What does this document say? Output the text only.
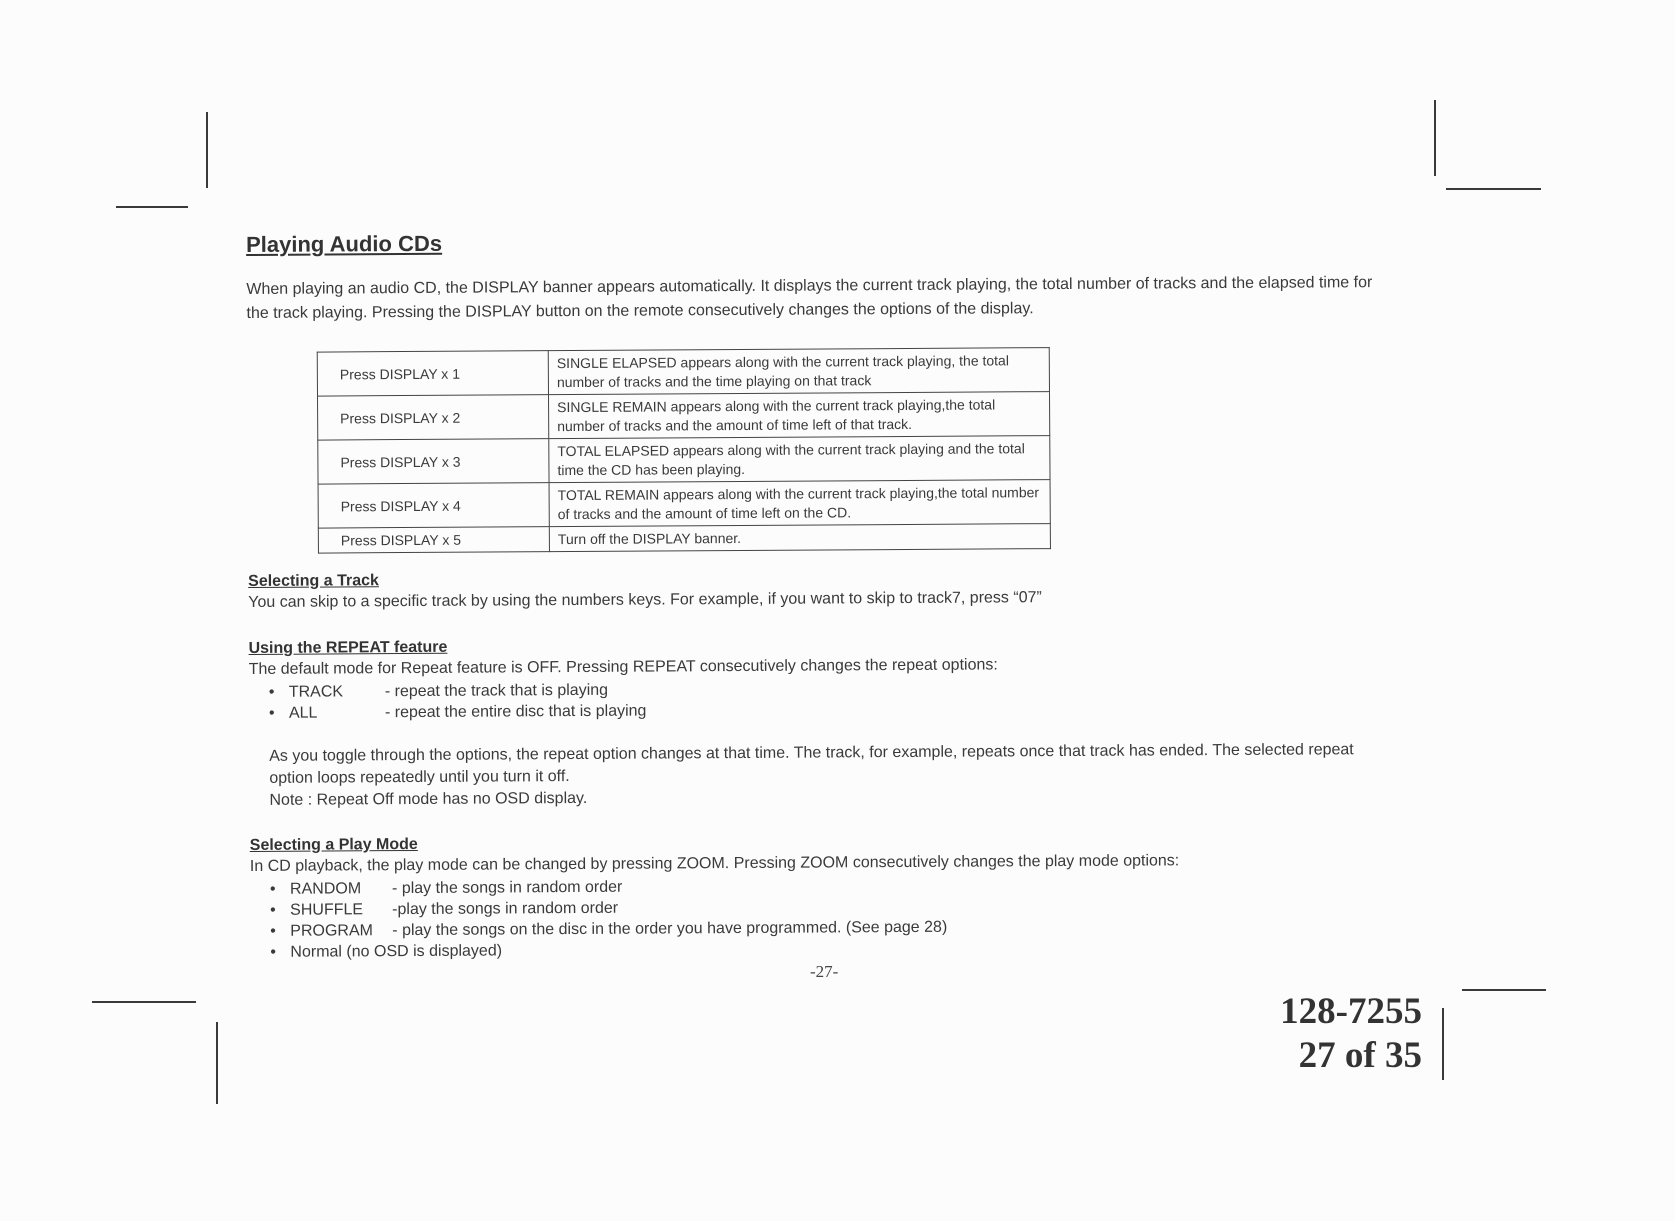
Playing Audio CDs

When playing an audio CD, the DISPLAY banner appears automatically. It displays the current track playing, the total number of tracks and the elapsed time for the track playing. Pressing the DISPLAY button on the remote consecutively changes the options of the display.

Press DISPLAY x 1	SINGLE ELAPSED appears along with the current track playing, the total number of tracks and the time playing on that track
Press DISPLAY x 2	SINGLE REMAIN appears along with the current track playing,the total number of tracks and the amount of time left of that track.
Press DISPLAY x 3	TOTAL ELAPSED appears along with the current track playing and the total time the CD has been playing.
Press DISPLAY x 4	TOTAL REMAIN appears along with the current track playing,the total number of tracks and the amount of time left on the CD.
Press DISPLAY x 5	Turn off the DISPLAY banner.
Selecting a Track
You can skip to a specific track by using the numbers keys. For example, if you want to skip to track7, press “07”
Using the REPEAT feature
The default mode for Repeat feature is OFF. Pressing REPEAT consecutively changes the repeat options:
• TRACK	- repeat the track that is playing
• ALL	- repeat the entire disc that is playing
As you toggle through the options, the repeat option changes at that time. The track, for example, repeats once that track has ended. The selected repeat option loops repeatedly until you turn it off.
Note : Repeat Off mode has no OSD display.
Selecting a Play Mode
In CD playback, the play mode can be changed by pressing ZOOM. Pressing ZOOM consecutively changes the play mode options:
• RANDOM	- play the songs in random order
• SHUFFLE	-play the songs in random order
• PROGRAM	- play the songs on the disc in the order you have programmed. (See page 28)
• Normal (no OSD is displayed)
-27-
128-7255
27 of 35
